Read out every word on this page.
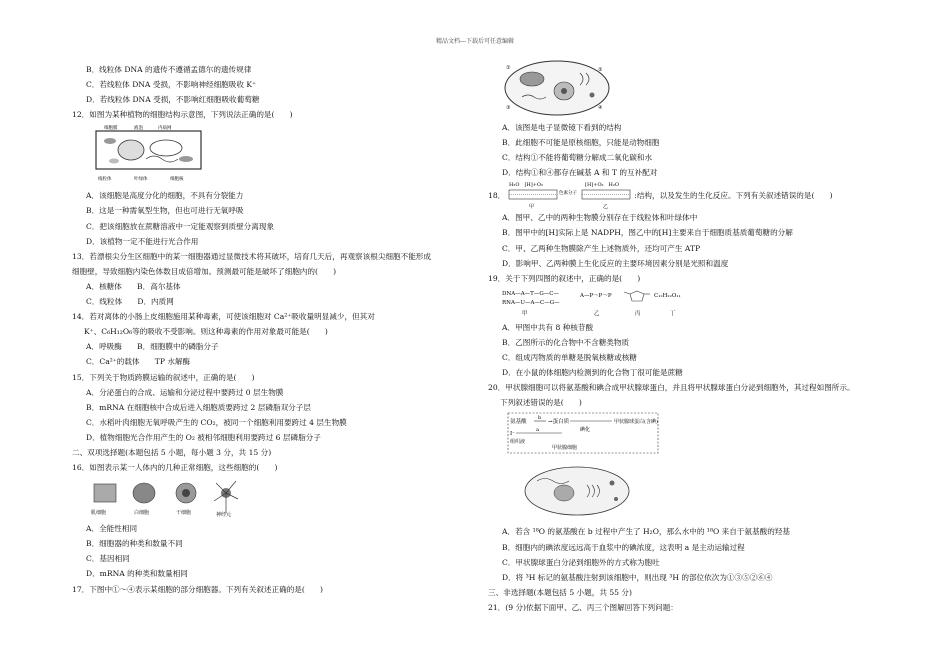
精品文档---下载后可任意编辑
B．线粒体 DNA 的遗传不遵循孟德尔的遗传规律
C．若线粒体 DNA 受损，不影响神经细胞吸收 K⁺
D．若线粒体 DNA 受损，不影响红细胞吸收葡萄糖
12．如图为某种植物的细胞结构示意图，下列说法正确的是(　　)
细胞膜	液泡	内质网
线粒体	叶绿体	细胞核
A．该细胞是高度分化的细胞，不具有分裂能力
B．这是一种需氧型生物，但也可进行无氧呼吸
C．把该细胞放在蔗糖溶液中一定能观察到质壁分离现象
D．该植物一定不能进行光合作用
13．若漂根尖分生区细胞中的某一细胞器通过显微技术将其破坏，培育几天后，再观察该根尖细胞不能形成
细胞壁，导致细胞内染色体数目成倍增加。预测最可能是破坏了细胞内的(　　)
A．核糖体　　B．高尔基体
C．线粒体　　D．内质网
14．若对离体的小肠上皮细胞施用某种毒素，可使该细胞对 Ca²⁺吸收量明显减少，但其对
K⁺、C₆H₁₂O₆等的吸收不受影响。则这种毒素的作用对象最可能是(　　)
A．呼吸酶　　B．细胞膜中的磷脂分子
C．Ca²⁺的载体　　TP 水解酶
15．下列关于物质跨膜运输的叙述中，正确的是(　　)
A．分泌蛋白的合成、运输和分泌过程中要跨过 0 层生物膜
B．mRNA 在细胞核中合成后进入细胞质要跨过 2 层磷脂双分子层
C．水稻叶肉细胞无氧呼吸产生的 CO₂，被同一个细胞利用要跨过 4 层生物膜
D．植物细胞光合作用产生的 O₂ 被相邻细胞利用要跨过 6 层磷脂分子
二、双项选择题(本题包括 5 小题，每小题 3 分，共 15 分)
16．如图表示某一人体内的几种正常细胞，这些细胞的(　　)
肌细胞	白细胞	干细胞	神经元
A．全能性相同
B．细胞器的种类和数量不同
C．基因相同
D．mRNA 的种类和数量相同
17．下图中①～④表示某细胞的部分细胞器。下列有关叙述正确的是(　　)
①	②
③	④
A．该图是电子显微镜下看到的结构
B．此细胞不可能是原核细胞，只能是动物细胞
C．结构①不能将葡萄糖分解成二氧化碳和水
D．结构①和④都存在碱基 A 和 T 的互补配对
18．
H₂O　[H]+O₂	[H]+O₂　H₂O
色素分子
甲	乙
:结构，以及发生的生化反应。下列有关叙述错误的是(　　)
A．图甲、乙中的两种生物膜分别存在于线粒体和叶绿体中
B．图甲中的[H]实际上是 NADPH，图乙中的[H]主要来自于细胞质基质葡萄糖的分解
C．甲、乙两种生物膜除产生上述物质外，还均可产生 ATP
D．影响甲、乙两种膜上生化反应的主要环境因素分别是光照和温度
19．关于下列四图的叙述中，正确的是(　　)
DNA—A—T—G—C—
RNA—U—A—C—G—
A—P～P～P	C₁₂H₂₂O₁₁
甲	乙	丙	丁
A．甲图中共有 8 种核苷酸
B．乙图所示的化合物中不含糖类物质
C．组成丙物质的单糖是脱氧核糖或核糖
D．在小鼠的体细胞内检测到的化合物丁很可能是蔗糖
20．甲状腺细胞可以将氨基酸和碘合成甲状腺球蛋白，并且将甲状腺球蛋白分泌到细胞外，其过程如图所示。
下列叙述错误的是(　　)
氨基酸
b
→蛋白质
碘化
甲状腺球蛋白(含碘)
I⁻
a
组织液
甲状腺细胞
A．若含 ¹⁸O 的氨基酸在 b 过程中产生了 H₂O，那么水中的 ¹⁸O 来自于氨基酸的羟基
B．细胞内的碘浓度远远高于血浆中的碘浓度，这表明 a 是主动运输过程
C．甲状腺球蛋白分泌到细胞外的方式称为胞吐
D．将 ³H 标记的氨基酸注射到该细胞中，则出现 ³H 的部位依次为①③⑤②⑥④
三、非选择题(本题包括 5 小题，共 55 分)
21．(9 分)依据下面甲、乙、丙三个图解回答下列问题：
